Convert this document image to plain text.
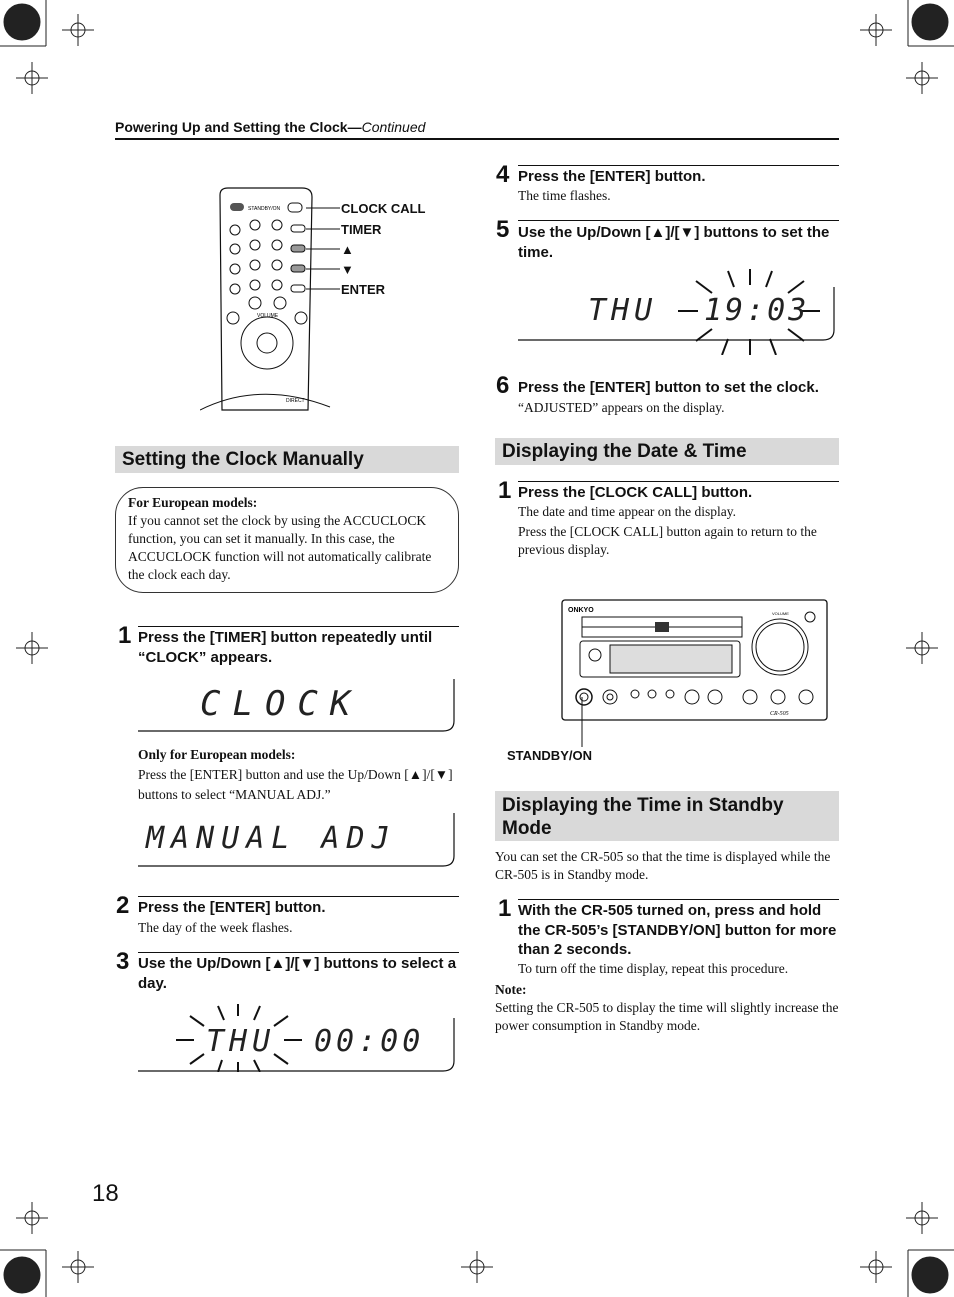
Powering Up and Setting the Clock—Continued
STANDBY/ON
VOLUME
DIRECT
CLOCK CALL
TIMER
▲
▼
ENTER
Setting the Clock Manually
For European models:
If you cannot set the clock by using the ACCUCLOCK function, you can set it manually. In this case, the ACCUCLOCK function will not automatically calibrate the clock each day.
1 Press the [TIMER] button repeatedly until “CLOCK” appears.
CLOCK
Only for European models:
Press the [ENTER] button and use the Up/Down [▲]/[▼] buttons to select “MANUAL ADJ.”
MANUAL ADJ
2 Press the [ENTER] button.
The day of the week flashes.
3 Use the Up/Down [▲]/[▼] buttons to select a day.
THU 00:00
4 Press the [ENTER] button.
The time flashes.
5 Use the Up/Down [▲]/[▼] buttons to set the time.
THU 19:03
6 Press the [ENTER] button to set the clock.
“ADJUSTED” appears on the display.
Displaying the Date & Time
1 Press the [CLOCK CALL] button.
The date and time appear on the display.
Press the [CLOCK CALL] button again to return to the previous display.
ONKYO	VOLUME
CR-505
STANDBY/ON
Displaying the Time in Standby Mode
You can set the CR-505 so that the time is displayed while the CR-505 is in Standby mode.
1 With the CR-505 turned on, press and hold the CR-505’s [STANDBY/ON] button for more than 2 seconds.
To turn off the time display, repeat this procedure.
Note:
Setting the CR-505 to display the time will slightly increase the power consumption in Standby mode.
18
